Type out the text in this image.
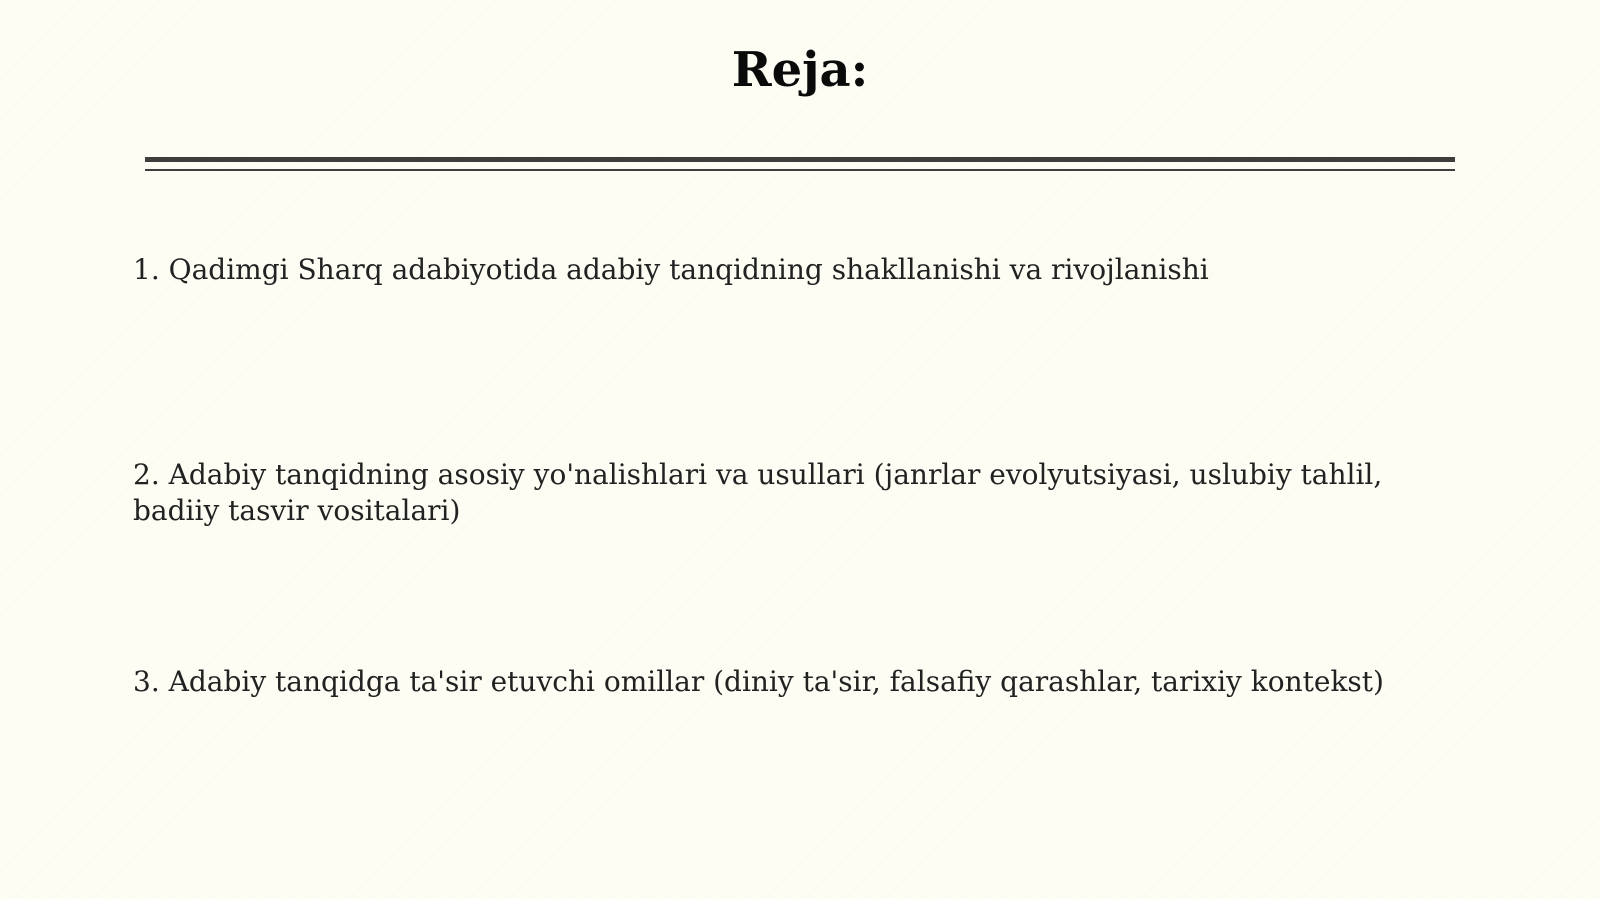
Reja:

1. Qadimgi Sharq adabiyotida adabiy tanqidning shakllanishi va rivojlanishi

2. Adabiy tanqidning asosiy yo'nalishlari va usullari (janrlar evolyutsiyasi, uslubiy tahlil, badiiy tasvir vositalari)

3. Adabiy tanqidga ta'sir etuvchi omillar (diniy ta'sir, falsafiy qarashlar, tarixiy kontekst)
